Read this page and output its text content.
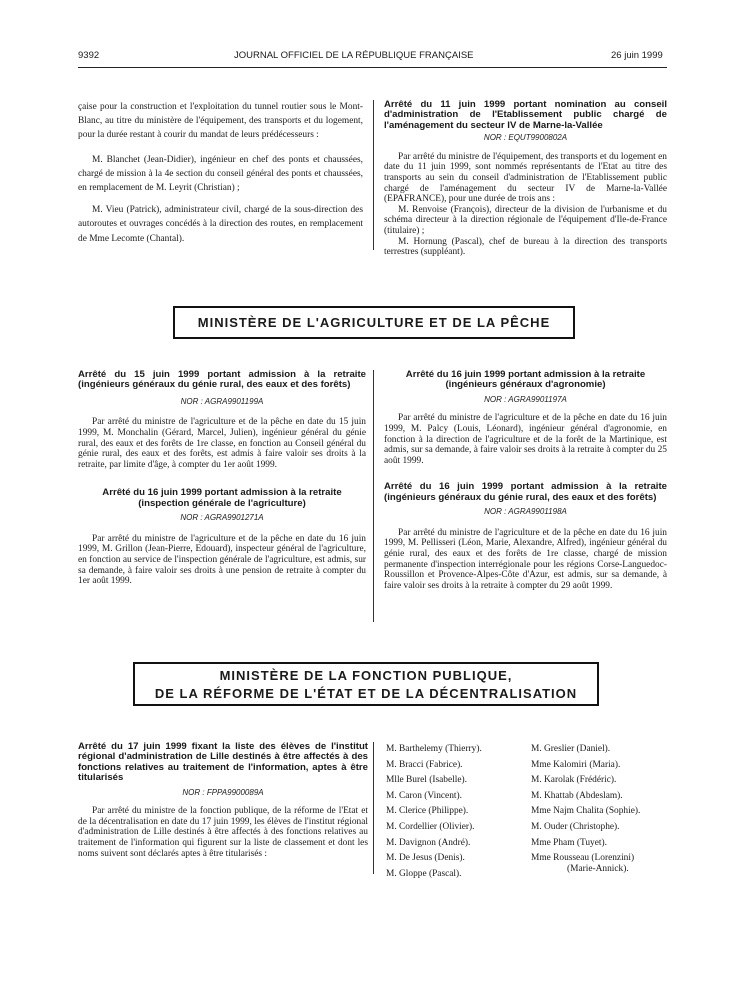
9392	JOURNAL OFFICIEL DE LA RÉPUBLIQUE FRANÇAISE	26 juin 1999

çaise pour la construction et l'exploitation du tunnel routier sous le Mont-Blanc, au titre du ministère de l'équipement, des transports et du logement, pour la durée restant à courir du mandat de leurs prédécesseurs :

M. Blanchet (Jean-Didier), ingénieur en chef des ponts et chaussées, chargé de mission à la 4e section du conseil général des ponts et chaussées, en remplacement de M. Leyrit (Christian) ;

M. Vieu (Patrick), administrateur civil, chargé de la sous-direction des autoroutes et ouvrages concédés à la direction des routes, en remplacement de Mme Lecomte (Chantal).

Arrêté du 11 juin 1999 portant nomination au conseil d'administration de l'Etablissement public chargé de l'aménagement du secteur IV de Marne-la-Vallée
NOR : EQUT9900802A

Par arrêté du ministre de l'équipement, des transports et du logement en date du 11 juin 1999, sont nommés représentants de l'Etat au titre des transports au sein du conseil d'administration de l'Etablissement public chargé de l'aménagement du secteur IV de Marne-la-Vallée (EPAFRANCE), pour une durée de trois ans :

M. Renvoise (François), directeur de la division de l'urbanisme et du schéma directeur à la direction régionale de l'équipement d'Ile-de-France (titulaire) ;

M. Hornung (Pascal), chef de bureau à la direction des transports terrestres (suppléant).

MINISTÈRE DE L'AGRICULTURE ET DE LA PÊCHE
Arrêté du 15 juin 1999 portant admission à la retraite (ingénieurs généraux du génie rural, des eaux et des forêts)
NOR : AGRA9901199A

Par arrêté du ministre de l'agriculture et de la pêche en date du 15 juin 1999, M. Monchalin (Gérard, Marcel, Julien), ingénieur général du génie rural, des eaux et des forêts de 1re classe, en fonction au Conseil général du génie rural, des eaux et des forêts, est admis à faire valoir ses droits à la retraite, par limite d'âge, à compter du 1er août 1999.

Arrêté du 16 juin 1999 portant admission à la retraite (inspection générale de l'agriculture)
NOR : AGRA9901271A

Par arrêté du ministre de l'agriculture et de la pêche en date du 16 juin 1999, M. Grillon (Jean-Pierre, Edouard), inspecteur général de l'agriculture, en fonction au service de l'inspection générale de l'agriculture, est admis, sur sa demande, à faire valoir ses droits à une pension de retraite à compter du 1er août 1999.

Arrêté du 16 juin 1999 portant admission à la retraite (ingénieurs généraux d'agronomie)
NOR : AGRA9901197A

Par arrêté du ministre de l'agriculture et de la pêche en date du 16 juin 1999, M. Palcy (Louis, Léonard), ingénieur général d'agronomie, en fonction à la direction de l'agriculture et de la forêt de la Martinique, est admis, sur sa demande, à faire valoir ses droits à la retraite à compter du 25 août 1999.

Arrêté du 16 juin 1999 portant admission à la retraite (ingénieurs généraux du génie rural, des eaux et des forêts)
NOR : AGRA9901198A

Par arrêté du ministre de l'agriculture et de la pêche en date du 16 juin 1999, M. Pellisseri (Léon, Marie, Alexandre, Alfred), ingénieur général du génie rural, des eaux et des forêts de 1re classe, chargé de mission permanente d'inspection interrégionale pour les régions Corse-Languedoc-Roussillon et Provence-Alpes-Côte d'Azur, est admis, sur sa demande, à faire valoir ses droits à la retraite à compter du 29 août 1999.

MINISTÈRE DE LA FONCTION PUBLIQUE,
DE LA RÉFORME DE L'ÉTAT ET DE LA DÉCENTRALISATION
Arrêté du 17 juin 1999 fixant la liste des élèves de l'institut régional d'administration de Lille destinés à être affectés à des fonctions relatives au traitement de l'information, aptes à être titularisés
NOR : FPPA9900089A

Par arrêté du ministre de la fonction publique, de la réforme de l'Etat et de la décentralisation en date du 17 juin 1999, les élèves de l'institut régional d'administration de Lille destinés à être affectés à des fonctions relatives au traitement de l'information qui figurent sur la liste de classement et dont les noms suivent sont déclarés aptes à être titularisés :

M. Barthelemy (Thierry).
M. Bracci (Fabrice).
Mlle Burel (Isabelle).
M. Caron (Vincent).
M. Clerice (Philippe).
M. Cordellier (Olivier).
M. Davignon (André).
M. De Jesus (Denis).
M. Gloppe (Pascal).
M. Greslier (Daniel).
Mme Kalomiri (Maria).
M. Karolak (Frédéric).
M. Khattab (Abdeslam).
Mme Najm Chalita (Sophie).
M. Ouder (Christophe).
Mme Pham (Tuyet).
Mme Rousseau (Lorenzini)
(Marie-Annick).
